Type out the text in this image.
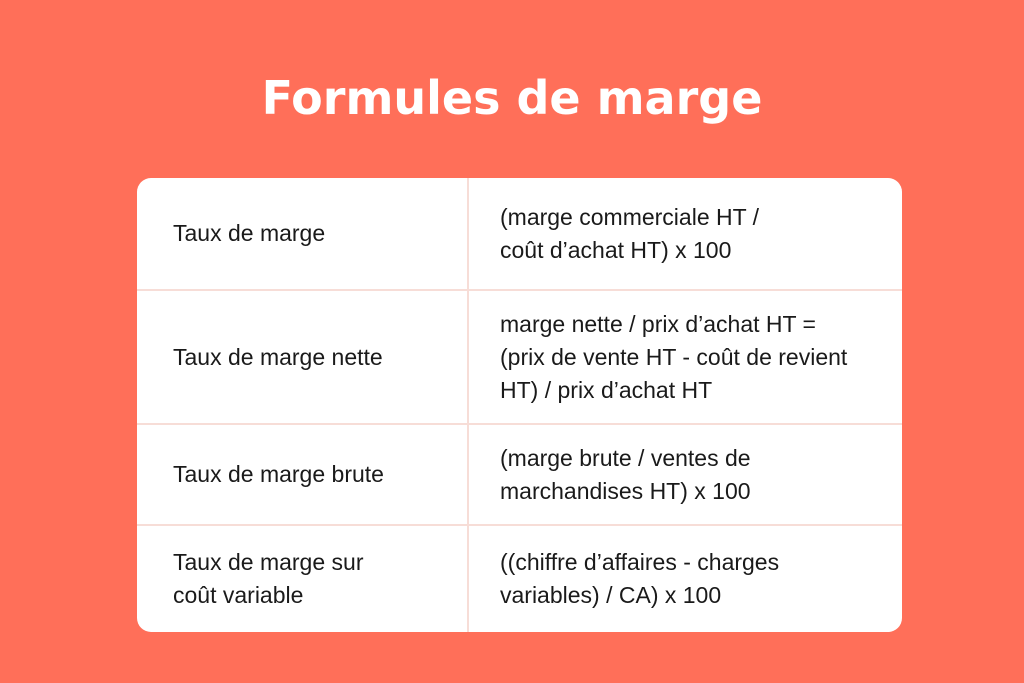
Formules de marge
Taux de marge
(marge commerciale HT /
coût d’achat HT) x 100
Taux de marge nette
marge nette / prix d’achat HT =
(prix de vente HT - coût de revient
HT) / prix d’achat HT
Taux de marge brute
(marge brute / ventes de
marchandises HT) x 100
Taux de marge sur
coût variable
((chiffre d’affaires - charges
variables) / CA) x 100
